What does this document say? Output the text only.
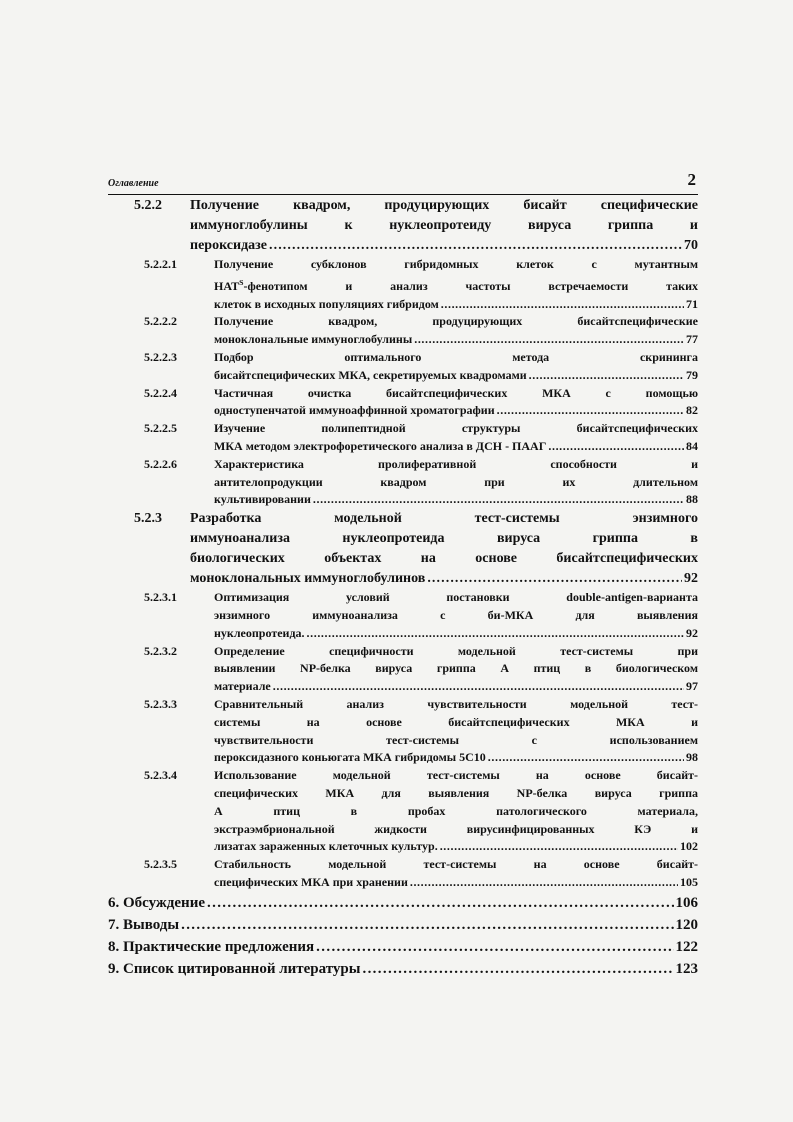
Оглавление	2
5.2.2 Получение квадром, продуцирующих бисайт специфические
иммуноглобулины к нуклеопротеиду вируса гриппа и
пероксидазе . . .	70
5.2.2.1	Получение субклонов гибридомных клеток с мутантным
$HAT^S$-фенотипом и анализ частоты встречаемости таких
клеток в исходных популяциях гибридом . . .	71
5.2.2.2	Получение квадром, продуцирующих бисайтспецифические
моноклональные иммуноглобулины . . .	77
5.2.2.3	Подбор оптимального метода скрининга
бисайтспецифических МКА, секретируемых квадромами . . .	79
5.2.2.4	Частичная очистка бисайтспецифических МКА с помощью
одноступенчатой иммуноаффинной хроматографии . . .	82
5.2.2.5	Изучение полипептидной структуры бисайтспецифических
МКА методом электрофоретического анализа в ДСН - ПААГ . . .	84
5.2.2.6	Характеристика пролиферативной способности и
антителопродукции квадром при их длительном
культивировании . . .	88
5.2.3 Разработка модельной тест-системы энзимного
иммуноанализа нуклеопротеида вируса гриппа в
биологических объектах на основе бисайтспецифических
моноклональных иммуноглобулинов . . .	92
5.2.3.1	Оптимизация условий постановки double-antigen-варианта
энзимного иммуноанализа с би-МКА для выявления
нуклеопротеида. . . .	92
5.2.3.2	Определение специфичности модельной тест-системы при
выявлении NP-белка вируса гриппа А птиц в биологическом
материале . . .	97
5.2.3.3	Сравнительный анализ чувствительности модельной тест-
системы на основе бисайтспецифических МКА и
чувствительности тест-системы с использованием
пероксидазного коньюгата МКА гибридомы 5С10 . . .	98
5.2.3.4	Использование модельной тест-системы на основе бисайт-
специфических МКА для выявления NP-белка вируса гриппа
А птиц в пробах патологического материала,
экстраэмбриональной жидкости вирусинфицированных КЭ и
лизатах зараженных клеточных культур. . . .	102
5.2.3.5	Стабильность модельной тест-системы на основе бисайт-
специфических МКА при хранении . . .	105
6. Обсуждение . . .	106
7. Выводы . . .	120
8. Практические предложения . . .	122
9. Список цитированной литературы . . .	123
